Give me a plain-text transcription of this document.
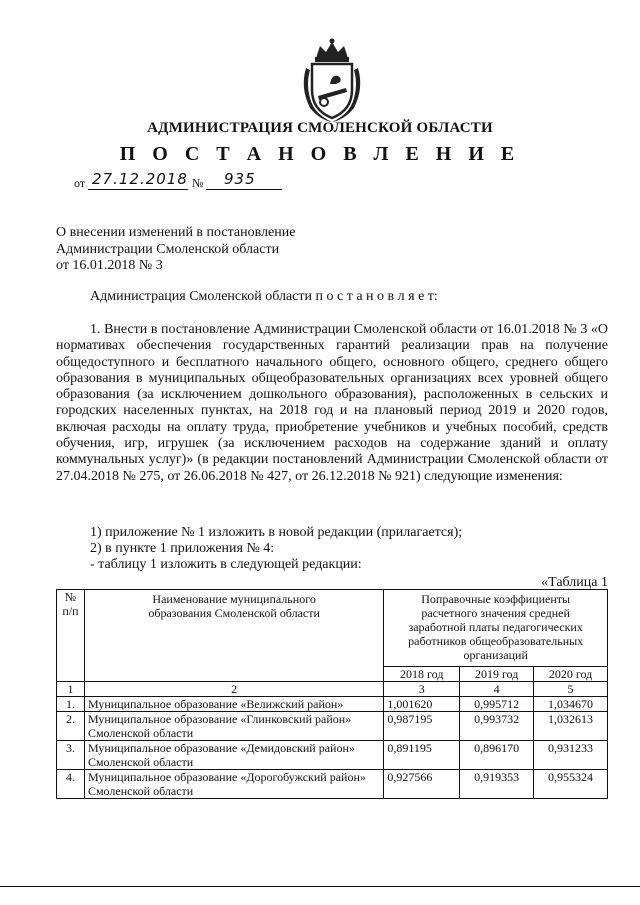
АДМИНИСТРАЦИЯ СМОЛЕНСКОЙ ОБЛАСТИ
П О С Т А Н О В Л Е Н И Е
от 27.12.2018 № 935
О внесении изменений в постановление
Администрации Смоленской области
от 16.01.2018 № 3
Администрация Смоленской области п о с т а н о в л я е т:
1. Внести в постановление Администрации Смоленской области от 16.01.2018 № 3 «О нормативах обеспечения государственных гарантий реализации прав на получение общедоступного и бесплатного начального общего, основного общего, среднего общего образования в муниципальных общеобразовательных организациях всех уровней общего образования (за исключением дошкольного образования), расположенных в сельских и городских населенных пунктах, на 2018 год и на плановый период 2019 и 2020 годов, включая расходы на оплату труда, приобретение учебников и учебных пособий, средств обучения, игр, игрушек (за исключением расходов на содержание зданий и оплату коммунальных услуг)» (в редакции постановлений Администрации Смоленской области от 27.04.2018 № 275, от 26.06.2018 № 427, от 26.12.2018 № 921) следующие изменения:
1) приложение № 1 изложить в новой редакции (прилагается);
2) в пункте 1 приложения № 4:
- таблицу 1 изложить в следующей редакции:
«Таблица 1
№
п/п	Наименование муниципального образования Смоленской области	Поправочные коэффициенты расчетного значения средней заработной платы педагогических работников общеобразовательных организаций		
		2018 год	2019 год	2020 год
1	2	3	4	5
1.	Муниципальное образование «Велижский район»	1,001620	0,995712	1,034670
2.	Муниципальное образование «Глинковский район» Смоленской области	0,987195	0,993732	1,032613
3.	Муниципальное образование «Демидовский район» Смоленской области	0,891195	0,896170	0,931233
4.	Муниципальное образование «Дорогобужский район» Смоленской области	0,927566	0,919353	0,955324
